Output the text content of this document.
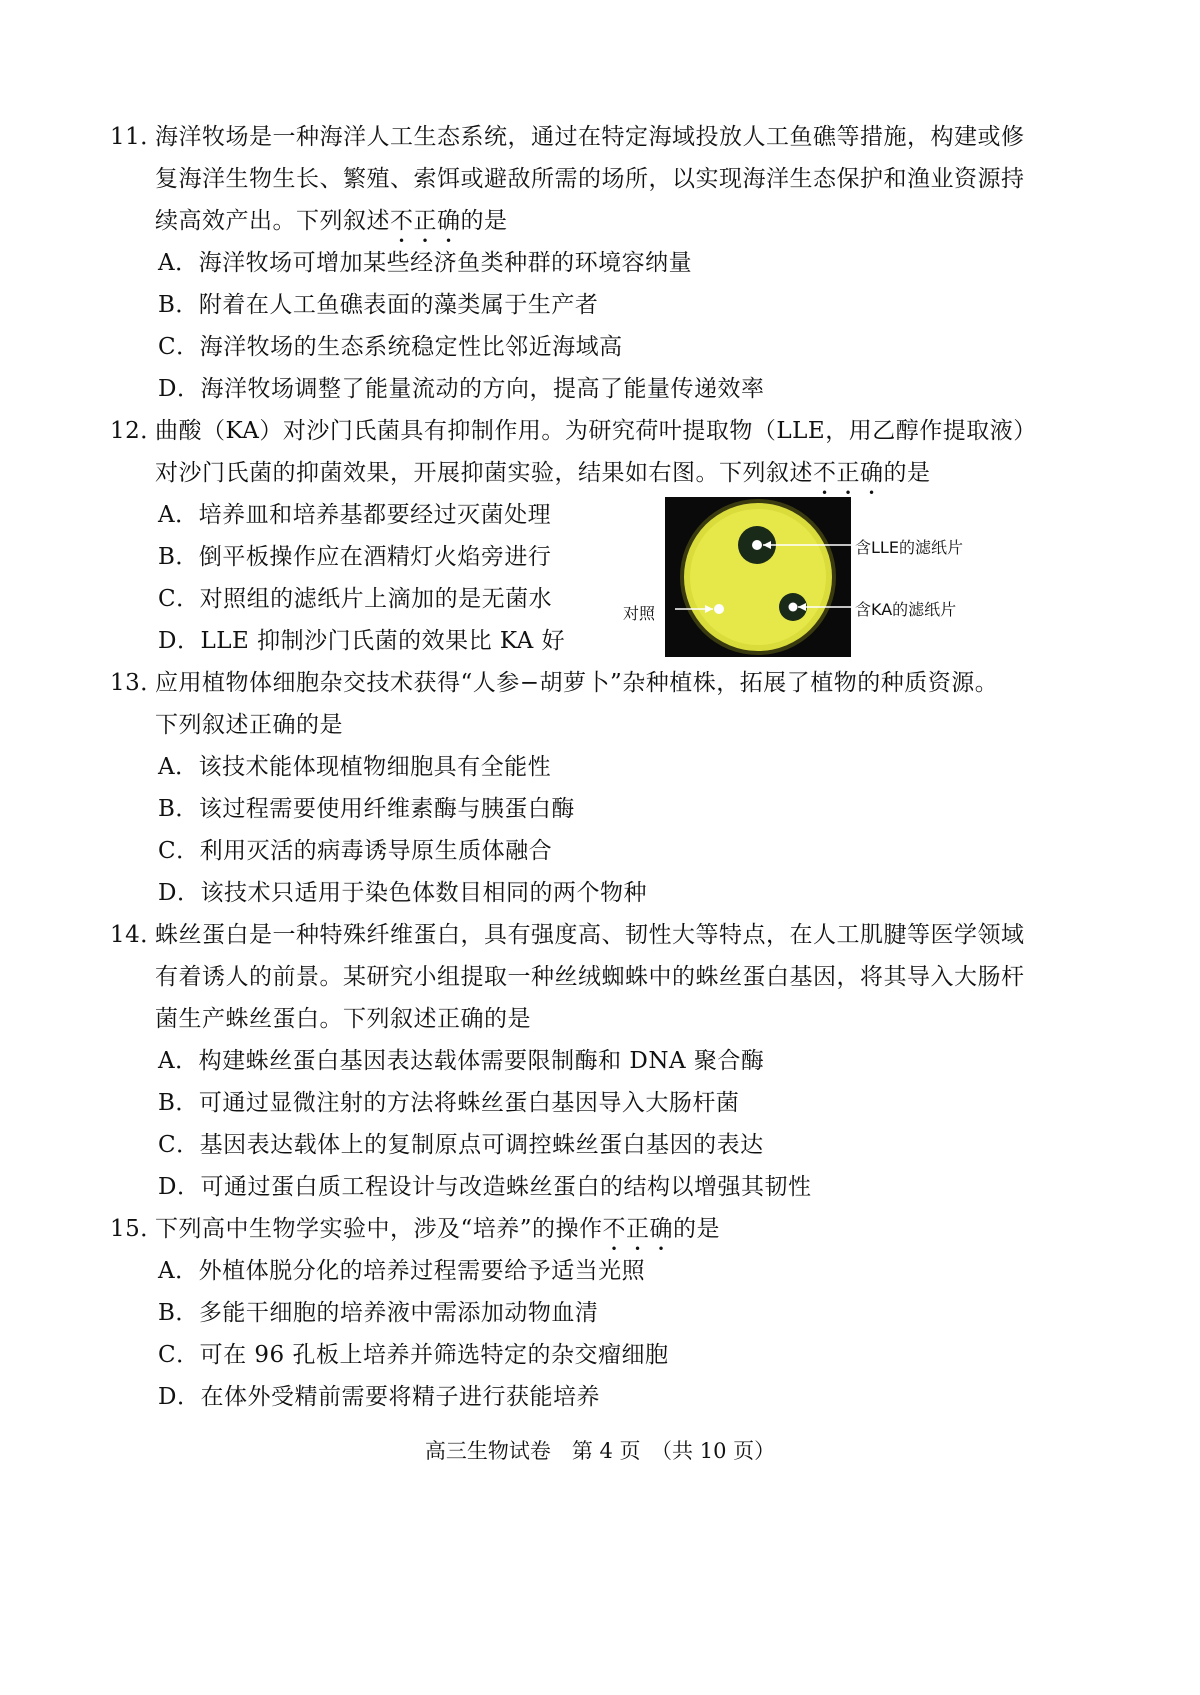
11．
海洋牧场是一种海洋人工生态系统，通过在特定海域投放人工鱼礁等措施，构建或修
复海洋生物生长、繁殖、索饵或避敌所需的场所，以实现海洋生态保护和渔业资源持
续高效产出。下列叙述不正确的是
A．海洋牧场可增加某些经济鱼类种群的环境容纳量
B．附着在人工鱼礁表面的藻类属于生产者
C．海洋牧场的生态系统稳定性比邻近海域高
D．海洋牧场调整了能量流动的方向，提高了能量传递效率
12．
曲酸（KA）对沙门氏菌具有抑制作用。为研究荷叶提取物（LLE，用乙醇作提取液）
对沙门氏菌的抑菌效果，开展抑菌实验，结果如右图。下列叙述不正确的是
A．培养皿和培养基都要经过灭菌处理
B．倒平板操作应在酒精灯火焰旁进行
C．对照组的滤纸片上滴加的是无菌水
D．LLE 抑制沙门氏菌的效果比 KA 好
含LLE的滤纸片
含KA的滤纸片
对照
13．
应用植物体细胞杂交技术获得“人参−胡萝卜”杂种植株，拓展了植物的种质资源。
下列叙述正确的是
A．该技术能体现植物细胞具有全能性
B．该过程需要使用纤维素酶与胰蛋白酶
C．利用灭活的病毒诱导原生质体融合
D．该技术只适用于染色体数目相同的两个物种
14．
蛛丝蛋白是一种特殊纤维蛋白，具有强度高、韧性大等特点，在人工肌腱等医学领域
有着诱人的前景。某研究小组提取一种丝绒蜘蛛中的蛛丝蛋白基因，将其导入大肠杆
菌生产蛛丝蛋白。下列叙述正确的是
A．构建蛛丝蛋白基因表达载体需要限制酶和 DNA 聚合酶
B．可通过显微注射的方法将蛛丝蛋白基因导入大肠杆菌
C．基因表达载体上的复制原点可调控蛛丝蛋白基因的表达
D．可通过蛋白质工程设计与改造蛛丝蛋白的结构以增强其韧性
15．
下列高中生物学实验中，涉及“培养”的操作不正确的是
A．外植体脱分化的培养过程需要给予适当光照
B．多能干细胞的培养液中需添加动物血清
C．可在 96 孔板上培养并筛选特定的杂交瘤细胞
D．在体外受精前需要将精子进行获能培养
高三生物试卷　第 4 页　（共 10 页）
